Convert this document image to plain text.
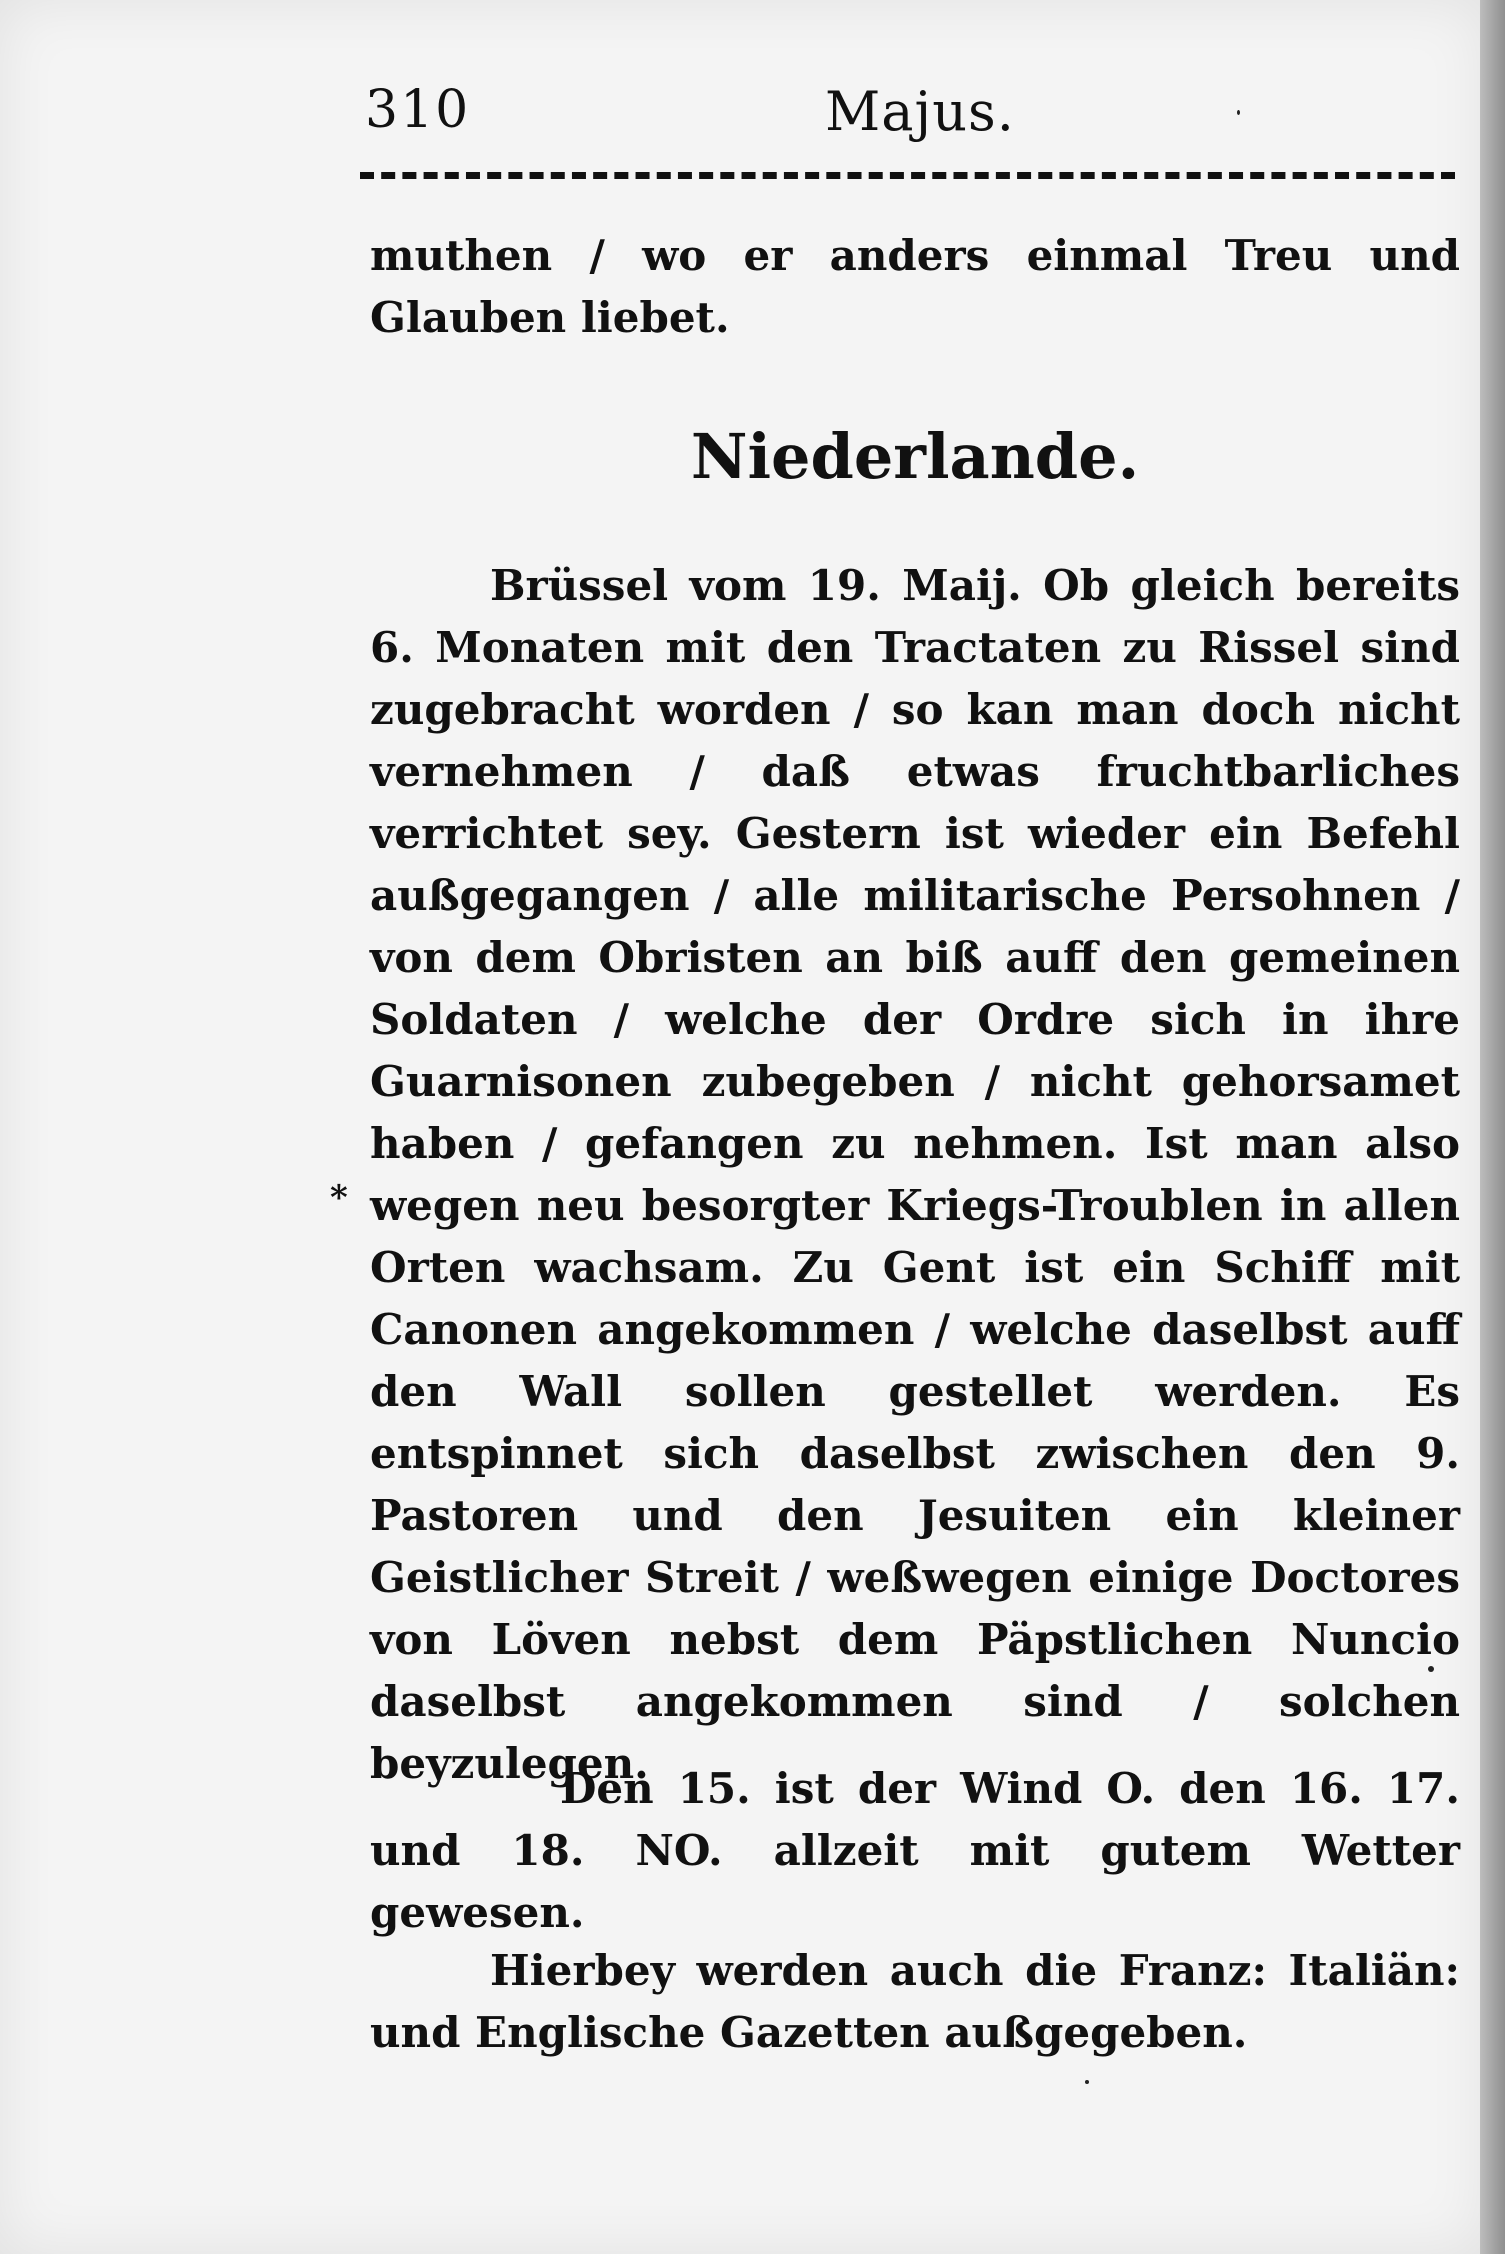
310	Majus.
muthen / wo er anders einmal Treu und Glauben liebet.
Niederlande.
Brüssel vom 19. Maij. Ob gleich bereits 6. Monaten mit den Tractaten zu Rissel sind zugebracht worden / so kan man doch nicht vernehmen / daß etwas fruchtbarliches verrichtet sey. Gestern ist wieder ein Befehl außgegangen / alle militarische Persohnen / von dem Obristen an biß auff den gemeinen Soldaten / welche der Ordre sich in ihre Guarnisonen zubegeben / nicht gehorsamet haben / gefangen zu nehmen. Ist man also wegen neu besorgter Kriegs-Troublen in allen Orten wachsam. Zu Gent ist ein Schiff mit Canonen angekommen / welche daselbst auff den Wall sollen gestellet werden. Es entspinnet sich daselbst zwischen den 9. Pastoren und den Jesuiten ein kleiner Geistlicher Streit / weßwegen einige Doctores von Löven nebst dem Päpstlichen Nuncio daselbst angekommen sind / solchen beyzulegen.
*
Den 15. ist der Wind O. den 16. 17. und 18. NO. allzeit mit gutem Wetter gewesen.
Hierbey werden auch die Franz: Italiän: und Englische Gazetten außgegeben.
